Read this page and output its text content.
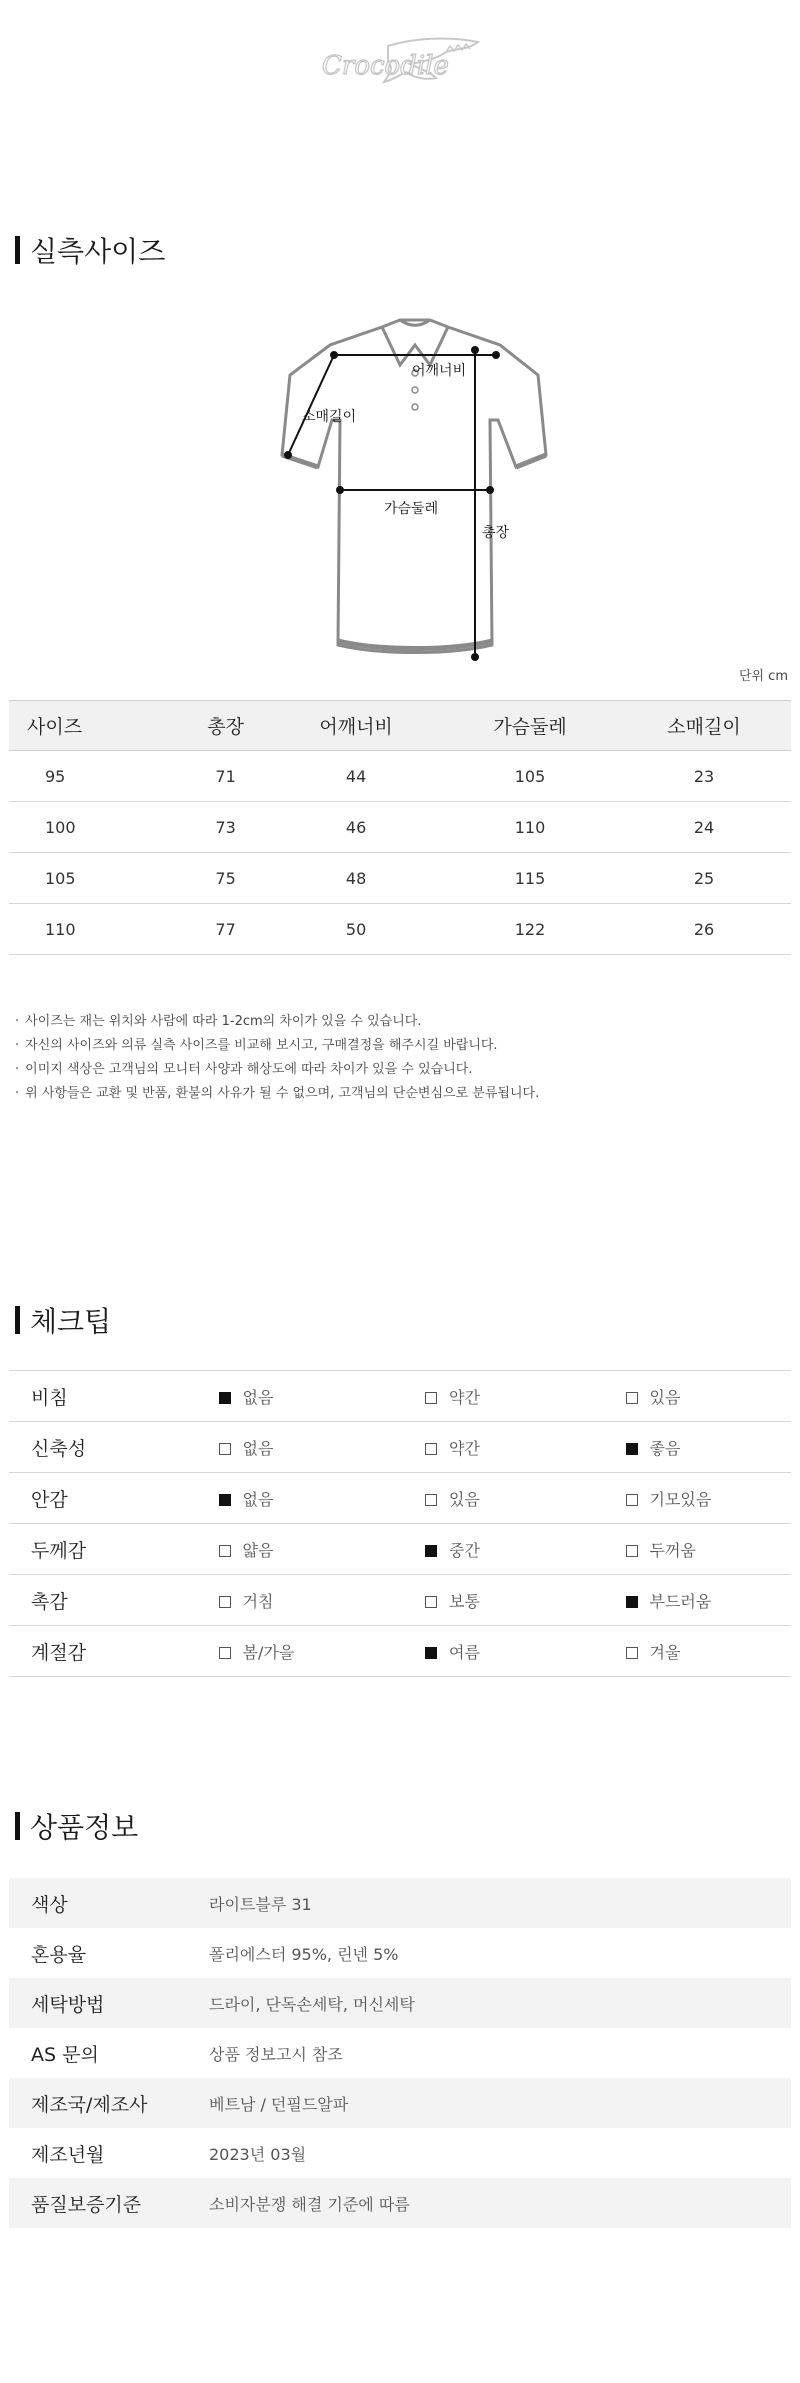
Crocodile
실측사이즈
어깨너비
소매길이
가슴둘레
총장
단위 cm
사이즈	총장	어깨너비	가슴둘레	소매길이
95	71	44	105	23
100	73	46	110	24
105	75	48	115	25
110	77	50	122	26
· 사이즈는 재는 위치와 사람에 따라 1-2cm의 차이가 있을 수 있습니다.
· 자신의 사이즈와 의류 실측 사이즈를 비교해 보시고, 구매결정을 해주시길 바랍니다.
· 이미지 색상은 고객님의 모니터 사양과 해상도에 따라 차이가 있을 수 있습니다.
· 위 사항들은 교환 및 반품, 환불의 사유가 될 수 없으며, 고객님의 단순변심으로 분류됩니다.
체크팁
비침	없음	약간	있음
신축성	없음	약간	좋음
안감	없음	있음	기모있음
두께감	얇음	중간	두꺼움
촉감	거침	보통	부드러움
계절감	봄/가을	여름	겨울
상품정보
색상	라이트블루 31
혼용율	폴리에스터 95%, 린넨 5%
세탁방법	드라이, 단독손세탁, 머신세탁
AS 문의	상품 정보고시 참조
제조국/제조사	베트남 / 던필드알파
제조년월	2023년 03월
품질보증기준	소비자분쟁 해결 기준에 따름
